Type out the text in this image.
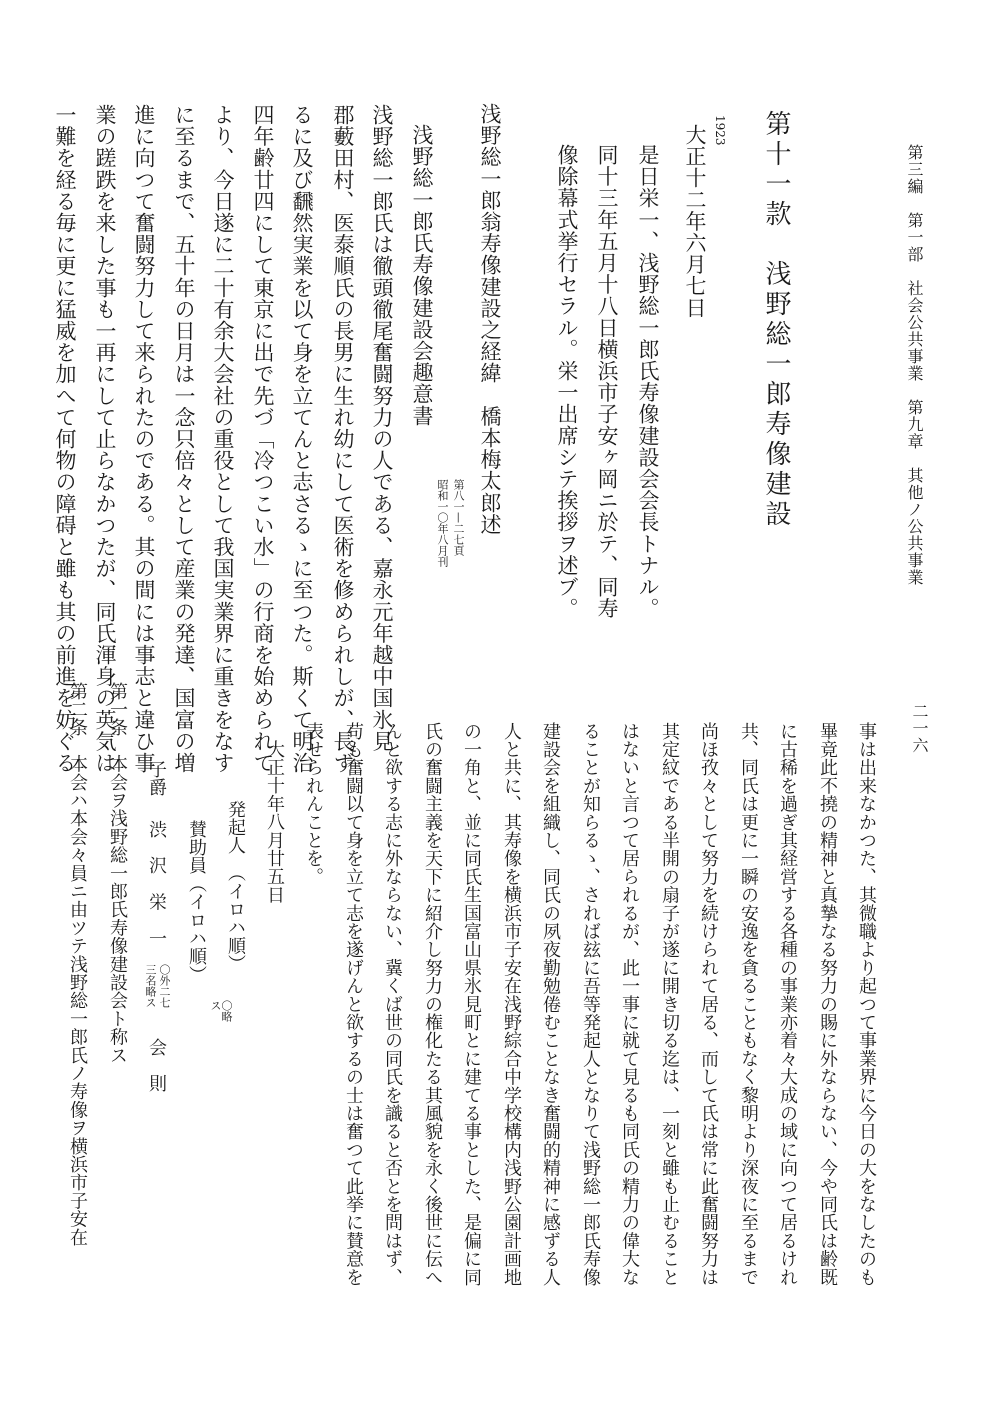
第三編　第一部　社会公共事業　第九章　其他ノ公共事業
二一六
第十一款　浅野総一郎寿像建設
1923
大正十二年六月七日
是日栄一、浅野総一郎氏寿像建設会会長トナル。
同十三年五月十八日横浜市子安ヶ岡ニ於テ、同寿
像除幕式挙行セラル。栄一出席シテ挨拶ヲ述ブ。
浅野総一郎翁寿像建設之経緯　橋本梅太郎述
第八一—二七頁
昭和一〇年八月刊
浅野総一郎氏寿像建設会趣意書
浅野総一郎氏は徹頭徹尾奮闘努力の人である、嘉永元年越中国氷見
郡藪田村、医泰順氏の長男に生れ幼にして医術を修められしが、長ず
るに及び飜然実業を以て身を立てんと志さるゝに至つた。斯くて明治
四年齢廿四にして東京に出で先づ「冷つこい水」の行商を始められて
より、今日遂に二十有余大会社の重役として我国実業界に重きをなす
に至るまで、五十年の日月は一念只倍々として産業の発達、国富の増
進に向つて奮闘努力して来られたのである。其の間には事志と違ひ事
業の蹉跌を来した事も一再にして止らなかつたが、同氏渾身の英気は
一難を経る毎に更に猛威を加へて何物の障碍と雖も其の前進を妨ぐる
事は出来なかつた、其微職より起つて事業界に今日の大をなしたのも
畢竟此不撓の精神と真摯なる努力の賜に外ならない、今や同氏は齢既
に古稀を過ぎ其経営する各種の事業亦着々大成の域に向つて居るけれ
共、同氏は更に一瞬の安逸を貪ることもなく黎明より深夜に至るまで
尚ほ孜々として努力を続けられて居る、而して氏は常に此奮闘努力は
其定紋である半開の扇子が遂に開き切る迄は、一刻と雖も止むること
はないと言つて居られるが、此一事に就て見るも同氏の精力の偉大な
ることが知らるゝ、されば玆に吾等発起人となりて浅野総一郎氏寿像
建設会を組織し、同氏の夙夜勤勉倦むことなき奮闘的精神に感ずる人
人と共に、其寿像を横浜市子安在浅野綜合中学校構内浅野公園計画地
の一角と、並に同氏生国富山県氷見町とに建てる事とした、是偏に同
氏の奮闘主義を天下に紹介し努力の権化たる其風貌を永く後世に伝へ
んと欲する志に外ならない、冀くば世の同氏を識ると否とを問はず、
苟も奮闘以て身を立て志を遂げんと欲するの士は奮つて此挙に賛意を
表せられんことを。
大正十年八月廿五日
発起人　（イロハ順）
〇略
ス
賛助員（イロハ順）
子爵
渋　沢　栄　一
〇外二七
三名略ス
会　則
第一条　本会ヲ浅野総一郎氏寿像建設会ト称ス
第二条　本会ハ本会々員ニ由ツテ浅野総一郎氏ノ寿像ヲ横浜市子安在
